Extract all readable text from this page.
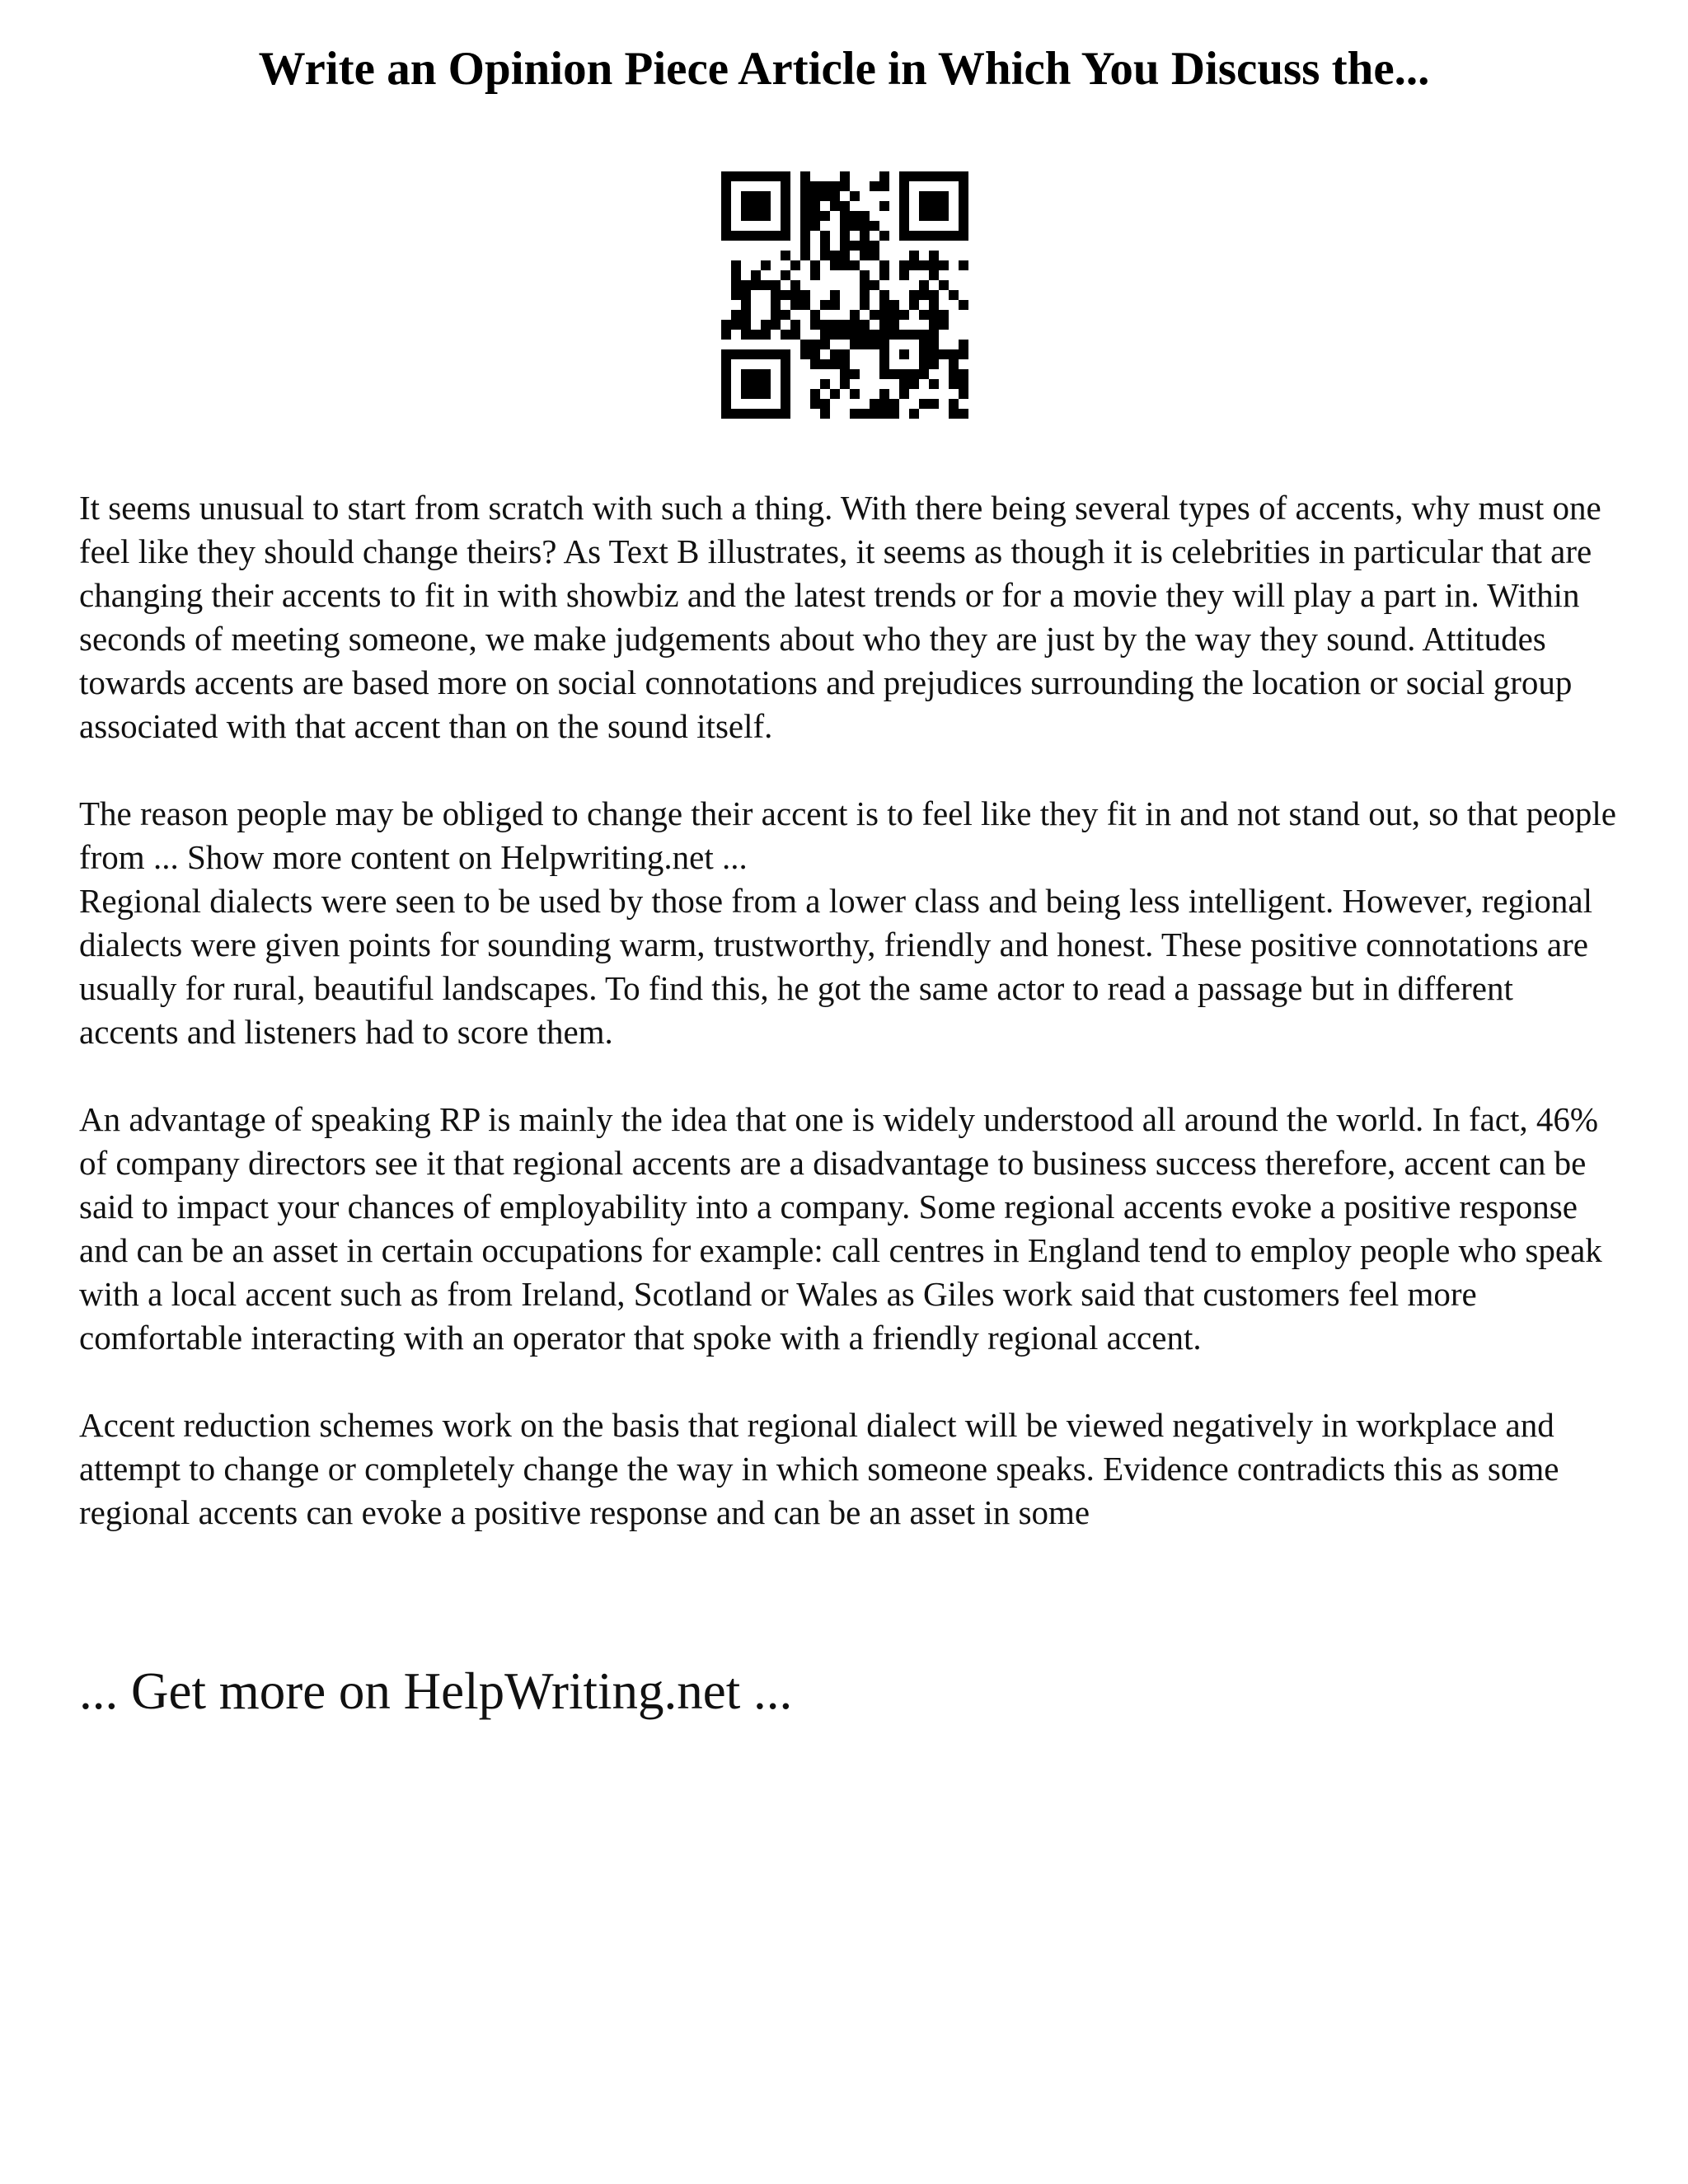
Write an Opinion Piece Article in Which You Discuss the...

It seems unusual to start from scratch with such a thing. With there being several types of accents, why must one feel like they should change theirs? As Text B illustrates, it seems as though it is celebrities in particular that are changing their accents to fit in with showbiz and the latest trends or for a movie they will play a part in. Within seconds of meeting someone, we make judgements about who they are just by the way they sound. Attitudes towards accents are based more on social connotations and prejudices surrounding the location or social group associated with that accent than on the sound itself.

The reason people may be obliged to change their accent is to feel like they fit in and not stand out, so that people from ... Show more content on Helpwriting.net ...

Regional dialects were seen to be used by those from a lower class and being less intelligent. However, regional dialects were given points for sounding warm, trustworthy, friendly and honest. These positive connotations are usually for rural, beautiful landscapes. To find this, he got the same actor to read a passage but in different accents and listeners had to score them.

An advantage of speaking RP is mainly the idea that one is widely understood all around the world. In fact, 46% of company directors see it that regional accents are a disadvantage to business success therefore, accent can be said to impact your chances of employability into a company. Some regional accents evoke a positive response and can be an asset in certain occupations for example: call centres in England tend to employ people who speak with a local accent such as from Ireland, Scotland or Wales as Giles work said that customers feel more comfortable interacting with an operator that spoke with a friendly regional accent.

Accent reduction schemes work on the basis that regional dialect will be viewed negatively in workplace and attempt to change or completely change the way in which someone speaks. Evidence contradicts this as some regional accents can evoke a positive response and can be an asset in some

... Get more on HelpWriting.net ...
